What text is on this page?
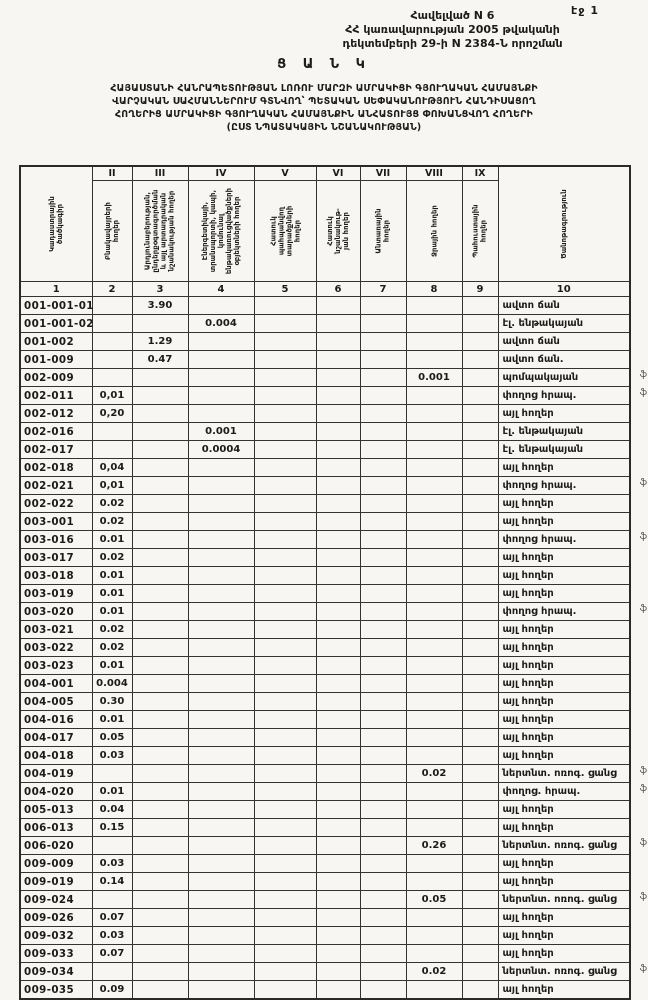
էջ 1
Հավելված N 6
ՀՀ կառավարության 2005 թվականի
դեկտեմբերի 29-ի N 2384-Ն որոշման
Ց Ա Ն Կ
ՀԱՅԱՍՏԱՆԻ ՀԱՆՐԱՊԵՏՈՒԹՅԱՆ ԼՈՌՈՒ ՄԱՐԶԻ ԱՄՐԱԿԻՑԻ ԳՅՈՒՂԱԿԱՆ ՀԱՄԱՅՆՔԻ
ՎԱՐՉԱԿԱՆ ՍԱՀՄԱՆՆԵՐՈՒՄ ԳՏՆՎՈՂ՝ ՊԵՏԱԿԱՆ ՍԵՓԱԿԱՆՈՒԹՅՈՒՆ ՀԱՆԴԻՍԱՑՈՂ
ՀՈՂԵՐԻՑ ԱՄՐԱԿԻՑԻ ԳՅՈՒՂԱԿԱՆ ՀԱՄԱՅՆՔԻՆ ԱՆՀԱՏՈՒՅՑ ՓՈԽԱՆՑՎՈՂ ՀՈՂԵՐԻ
(ԸՍՏ ՆՊԱՏԱԿԱՅԻՆ ՆՇԱՆԱԿՈՒԹՅԱՆ)
Կադաստրային ծածկագիր	II	III	IV	V	VI	VII	VIII	IX	Ծանոթագրություն

	Բնակավայրերի հողեր	Արդյունաբերության, ընդերքօգտագործման և այլ արտադրական նշանակության հողեր	Էներգետիկայի, տրանսպորտի, կապի, կոմունալ ենթակառուցվածքների օբյեկտների հողեր	Հատուկ պահպանվող տարածքների հողեր	Հատուկ նշանակութ- յան հողեր	Անտառային հողեր	Ջրային հողեր	Պահուստային հողեր	

1	2	3	4	5	6	7	8	9	10
001-001-01		3.90							ավտո ճան
001-001-02			0.004						էլ. ենթակայան
001-002		1.29							ավտո ճան
001-009		0.47							ավտո ճան.
002-009							0.001		պոմպակայան ֆ

002-011	0,01								փողոց հրապ. ֆ

002-012	0,20								այլ հողեր
002-016			0.001						էլ. ենթակայան
002-017			0.0004						էլ. ենթակայան
002-018	0,04								այլ հողեր
002-021	0,01								փողոց հրապ. ֆ

002-022	0.02								այլ հողեր
003-001	0.02								այլ հողեր
003-016	0.01								փողոց հրապ. ֆ

003-017	0.02								այլ հողեր
003-018	0.01								այլ հողեր
003-019	0.01								այլ հողեր
003-020	0.01								փողոց հրապ. ֆ

003-021	0.02								այլ հողեր
003-022	0.02								այլ հողեր
003-023	0.01								այլ հողեր
004-001	0.004								այլ հողեր
004-005	0.30								այլ հողեր
004-016	0.01								այլ հողեր
004-017	0.05								այլ հողեր
004-018	0.03								այլ հողեր
004-019							0.02		ներտնտ. ոռոգ. ցանց ֆ

004-020	0.01								փողոց. հրապ. ֆ

005-013	0.04								այլ հողեր
006-013	0.15								այլ հողեր
006-020							0.26		ներտնտ. ոռոգ. ցանց ֆ

009-009	0.03								այլ հողեր
009-019	0.14								այլ հողեր
009-024							0.05		ներտնտ. ոռոգ. ցանց ֆ

009-026	0.07								այլ հողեր
009-032	0.03								այլ հողեր
009-033	0.07								այլ հողեր
009-034							0.02		ներտնտ. ոռոգ. ցանց ֆ

009-035	0.09								այլ հողեր
